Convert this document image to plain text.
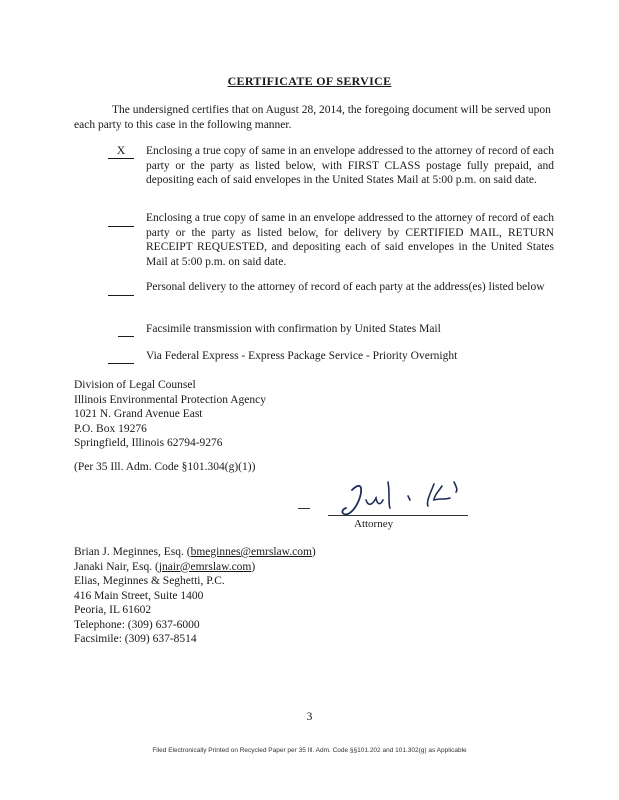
CERTIFICATE OF SERVICE
The undersigned certifies that on August 28, 2014, the foregoing document will be served upon each party to this case in the following manner.
X	Enclosing a true copy of same in an envelope addressed to the attorney of record of each party or the party as listed below, with FIRST CLASS postage fully prepaid, and depositing each of said envelopes in the United States Mail at 5:00 p.m. on said date.
Enclosing a true copy of same in an envelope addressed to the attorney of record of each party or the party as listed below, for delivery by CERTIFIED MAIL, RETURN RECEIPT REQUESTED, and depositing each of said envelopes in the United States Mail at 5:00 p.m. on said date.
Personal delivery to the attorney of record of each party at the address(es) listed below
Facsimile transmission with confirmation by United States Mail
Via Federal Express - Express Package Service - Priority Overnight
Division of Legal Counsel
Illinois Environmental Protection Agency
1021 N. Grand Avenue East
P.O. Box 19276
Springfield, Illinois 62794-9276
(Per 35 Ill. Adm. Code §101.304(g)(1))
Attorney
Brian J. Meginnes, Esq. (bmeginnes@emrslaw.com)
Janaki Nair, Esq. (jnair@emrslaw.com)
Elias, Meginnes & Seghetti, P.C.
416 Main Street, Suite 1400
Peoria, IL 61602
Telephone: (309) 637-6000
Facsimile: (309) 637-8514
3
Filed Electronically Printed on Recycled Paper per 35 Ill. Adm. Code §§101.202 and 101.302(g) as Applicable
